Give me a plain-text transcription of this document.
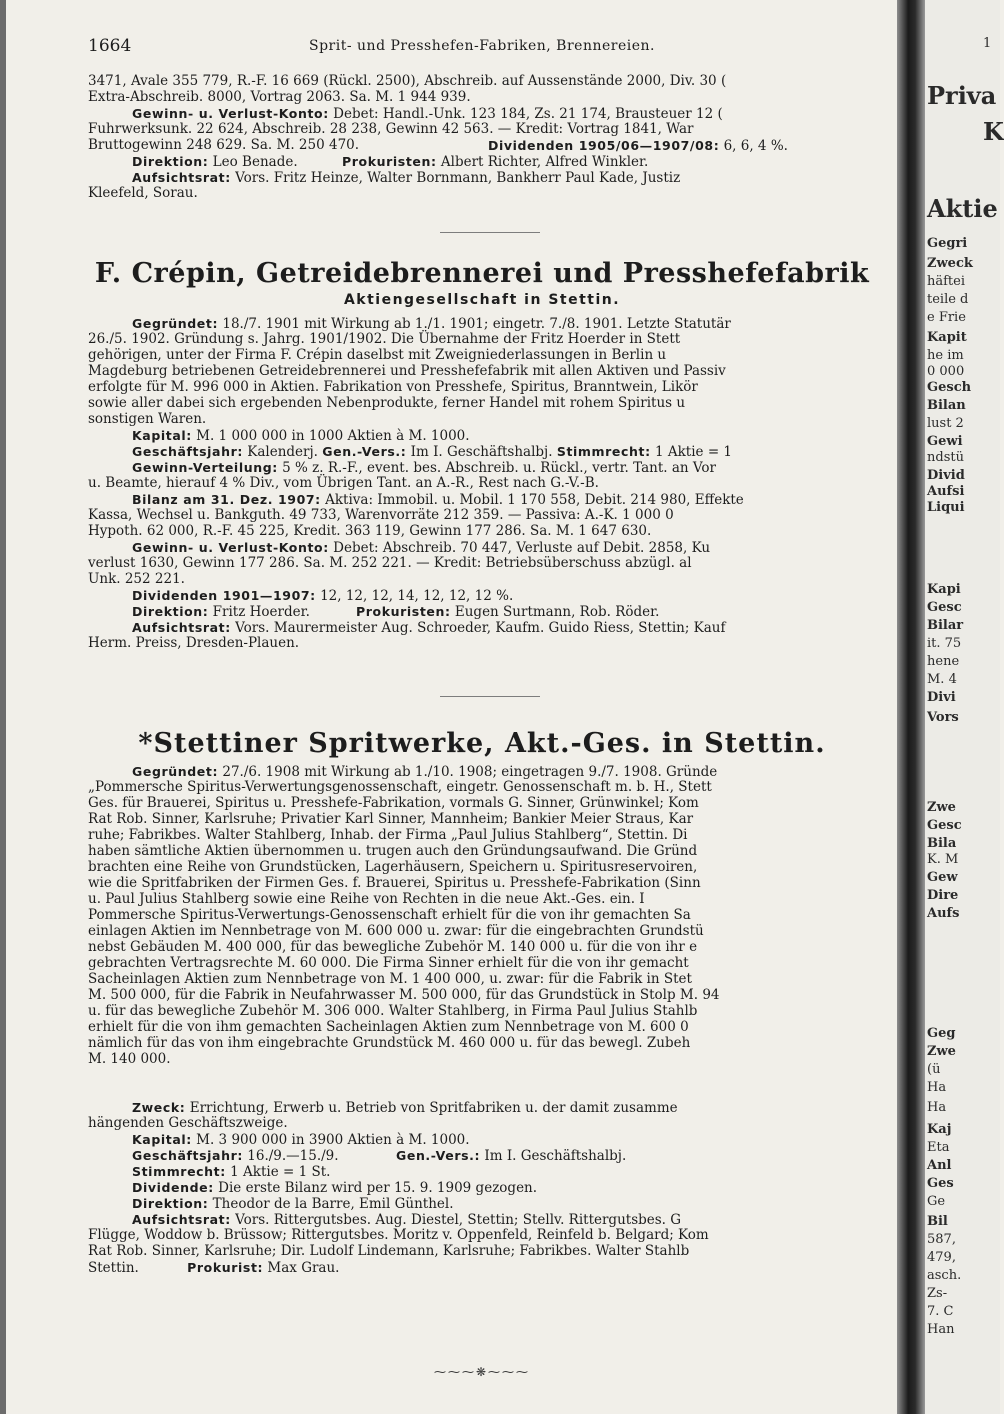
1664	Sprit- und Presshefen-Fabriken, Brennereien.
3471, Avale 355 779, R.-F. 16 669 (Rückl. 2500), Abschreib. auf Aussenstände 2000, Div. 30 (
Extra-Abschreib. 8000, Vortrag 2063. Sa. M. 1 944 939.
Gewinn- u. Verlust-Konto: Debet: Handl.-Unk. 123 184, Zs. 21 174, Brausteuer 12 (
Fuhrwerksunk. 22 624, Abschreib. 28 238, Gewinn 42 563. — Kredit: Vortrag 1841, War
Bruttogewinn 248 629. Sa. M. 250 470.	Dividenden 1905/06—1907/08: 6, 6, 4 %.
Direktion: Leo Benade.	Prokuristen: Albert Richter, Alfred Winkler.
Aufsichtsrat: Vors. Fritz Heinze, Walter Bornmann, Bankherr Paul Kade, Justiz
Kleefeld, Sorau.
F. Crépin, Getreidebrennerei und Presshefefabrik
Aktiengesellschaft in Stettin.
Gegründet: 18./7. 1901 mit Wirkung ab 1./1. 1901; eingetr. 7./8. 1901. Letzte Statutär
26./5. 1902. Gründung s. Jahrg. 1901/1902. Die Übernahme der Fritz Hoerder in Stett
gehörigen, unter der Firma F. Crépin daselbst mit Zweigniederlassungen in Berlin u
Magdeburg betriebenen Getreidebrennerei und Presshefefabrik mit allen Aktiven und Passiv
erfolgte für M. 996 000 in Aktien. Fabrikation von Presshefe, Spiritus, Branntwein, Likör
sowie aller dabei sich ergebenden Nebenprodukte, ferner Handel mit rohem Spiritus u
sonstigen Waren.
Kapital: M. 1 000 000 in 1000 Aktien à M. 1000.
Geschäftsjahr: Kalenderj. Gen.-Vers.: Im I. Geschäftshalbj. Stimmrecht: 1 Aktie = 1
Gewinn-Verteilung: 5 % z. R.-F., event. bes. Abschreib. u. Rückl., vertr. Tant. an Vor
u. Beamte, hierauf 4 % Div., vom Übrigen Tant. an A.-R., Rest nach G.-V.-B.
Bilanz am 31. Dez. 1907: Aktiva: Immobil. u. Mobil. 1 170 558, Debit. 214 980, Effekte
Kassa, Wechsel u. Bankguth. 49 733, Warenvorräte 212 359. — Passiva: A.-K. 1 000 0
Hypoth. 62 000, R.-F. 45 225, Kredit. 363 119, Gewinn 177 286. Sa. M. 1 647 630.
Gewinn- u. Verlust-Konto: Debet: Abschreib. 70 447, Verluste auf Debit. 2858, Ku
verlust 1630, Gewinn 177 286. Sa. M. 252 221. — Kredit: Betriebsüberschuss abzügl. al
Unk. 252 221.
Dividenden 1901—1907: 12, 12, 12, 14, 12, 12, 12 %.
Direktion: Fritz Hoerder.	Prokuristen: Eugen Surtmann, Rob. Röder.
Aufsichtsrat: Vors. Maurermeister Aug. Schroeder, Kaufm. Guido Riess, Stettin; Kauf
Herm. Preiss, Dresden-Plauen.
*Stettiner Spritwerke, Akt.-Ges. in Stettin.
Gegründet: 27./6. 1908 mit Wirkung ab 1./10. 1908; eingetragen 9./7. 1908. Gründe
„Pommersche Spiritus-Verwertungsgenossenschaft, eingetr. Genossenschaft m. b. H., Stett
Ges. für Brauerei, Spiritus u. Presshefe-Fabrikation, vormals G. Sinner, Grünwinkel; Kom
Rat Rob. Sinner, Karlsruhe; Privatier Karl Sinner, Mannheim; Bankier Meier Straus, Kar
ruhe; Fabrikbes. Walter Stahlberg, Inhab. der Firma „Paul Julius Stahlberg“, Stettin. Di
haben sämtliche Aktien übernommen u. trugen auch den Gründungsaufwand. Die Gründ
brachten eine Reihe von Grundstücken, Lagerhäusern, Speichern u. Spiritusreservoiren,
wie die Spritfabriken der Firmen Ges. f. Brauerei, Spiritus u. Presshefe-Fabrikation (Sinn
u. Paul Julius Stahlberg sowie eine Reihe von Rechten in die neue Akt.-Ges. ein. I
Pommersche Spiritus-Verwertungs-Genossenschaft erhielt für die von ihr gemachten Sa
einlagen Aktien im Nennbetrage von M. 600 000 u. zwar: für die eingebrachten Grundstü
nebst Gebäuden M. 400 000, für das bewegliche Zubehör M. 140 000 u. für die von ihr e
gebrachten Vertragsrechte M. 60 000. Die Firma Sinner erhielt für die von ihr gemacht
Sacheinlagen Aktien zum Nennbetrage von M. 1 400 000, u. zwar: für die Fabrik in Stet
M. 500 000, für die Fabrik in Neufahrwasser M. 500 000, für das Grundstück in Stolp M. 94
u. für das bewegliche Zubehör M. 306 000. Walter Stahlberg, in Firma Paul Julius Stahlb
erhielt für die von ihm gemachten Sacheinlagen Aktien zum Nennbetrage von M. 600 0
nämlich für das von ihm eingebrachte Grundstück M. 460 000 u. für das bewegl. Zubeh
M. 140 000.
Zweck: Errichtung, Erwerb u. Betrieb von Spritfabriken u. der damit zusamme
hängenden Geschäftszweige.
Kapital: M. 3 900 000 in 3900 Aktien à M. 1000.
Geschäftsjahr: 16./9.—15./9.	Gen.-Vers.: Im I. Geschäftshalbj.
Stimmrecht: 1 Aktie = 1 St.
Dividende: Die erste Bilanz wird per 15. 9. 1909 gezogen.
Direktion: Theodor de la Barre, Emil Günthel.
Aufsichtsrat: Vors. Rittergutsbes. Aug. Diestel, Stettin; Stellv. Rittergutsbes. G
Flügge, Woddow b. Brüssow; Rittergutsbes. Moritz v. Oppenfeld, Reinfeld b. Belgard; Kom
Rat Rob. Sinner, Karlsruhe; Dir. Ludolf Lindemann, Karlsruhe; Fabrikbes. Walter Stahlb
Stettin.	Prokurist: Max Grau.
⁓⁓⁓❋⁓⁓⁓
Priva
K
Aktie
Gegri
Zweck
häftei
teile d
e Frie
Kapit
he im
0 000
Gesch
Bilan
lust 2
Gewi
ndstü
Divid
Aufsi
Liqui
Kapi
Gesc
Bilar
it. 75
hene
M. 4
Divi
Vors
Zwe
Gesc
Bila
K. M
Gew
Dire
Aufs
Geg
Zwe
(ü
Ha
Ha
Kaj
Eta
Anl
Ges
Ge
Bil
587,
479,
asch.
Zs-
7. C
Han
1
